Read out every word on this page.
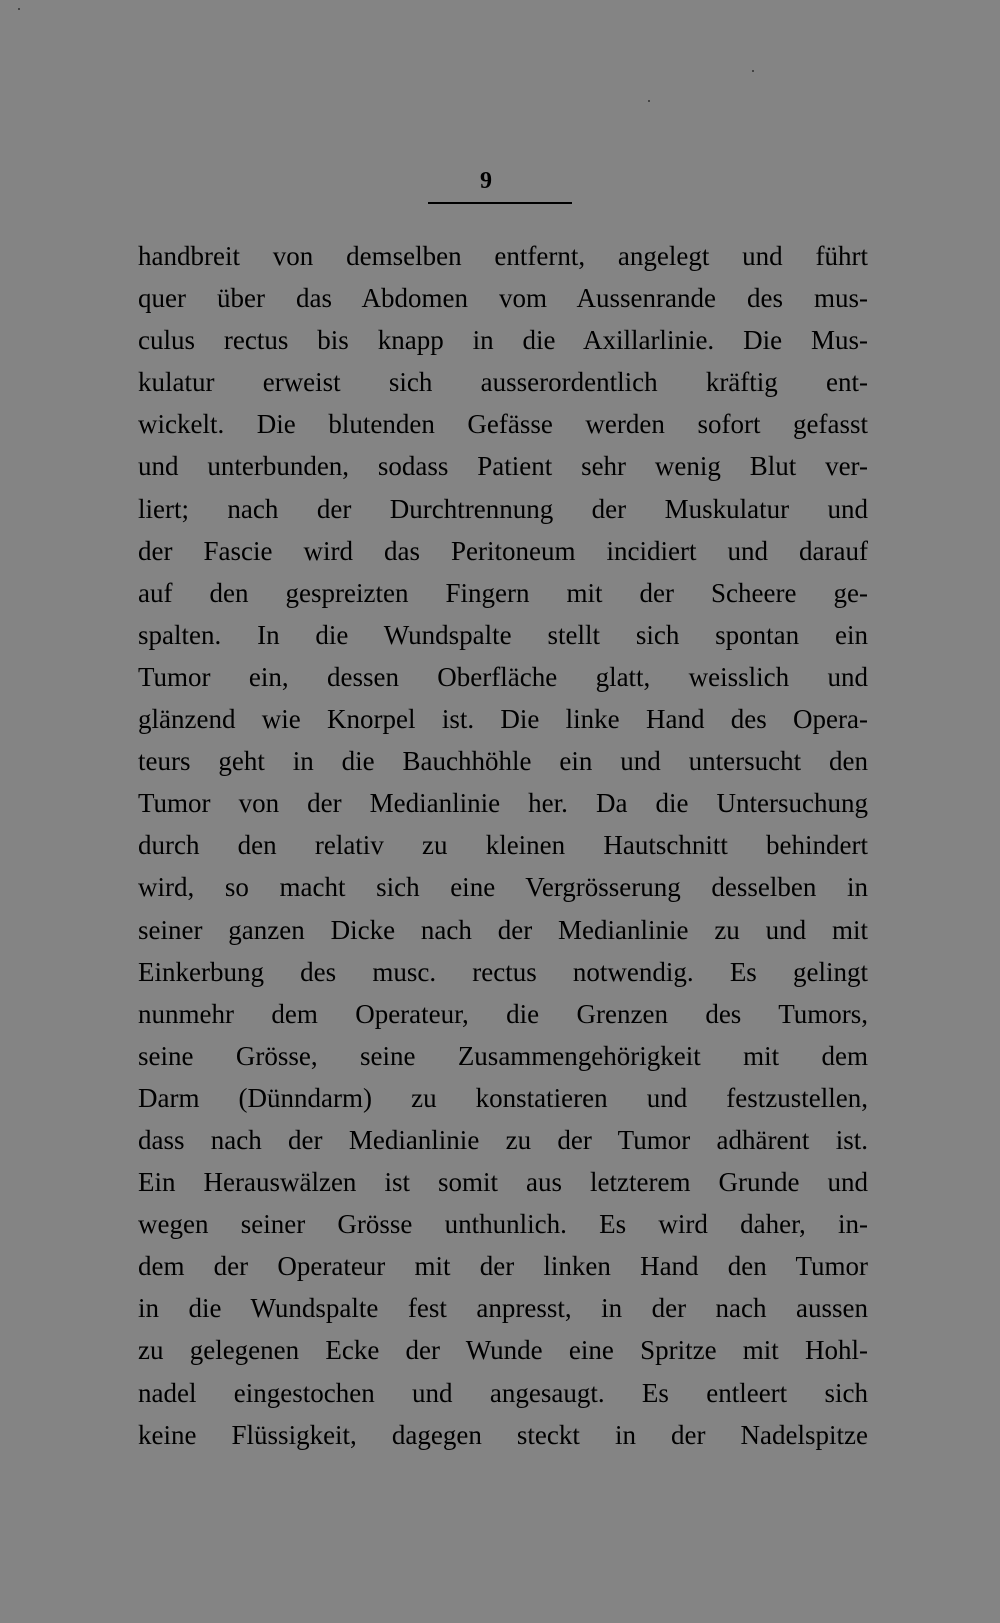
9
handbreit von demselben entfernt, angelegt und führt
quer über das Abdomen vom Aussenrande des mus-
culus rectus bis knapp in die Axillarlinie. Die Mus-
kulatur erweist sich ausserordentlich kräftig ent-
wickelt. Die blutenden Gefässe werden sofort gefasst
und unterbunden, sodass Patient sehr wenig Blut ver-
liert; nach der Durchtrennung der Muskulatur und
der Fascie wird das Peritoneum incidiert und darauf
auf den gespreizten Fingern mit der Scheere ge-
spalten. In die Wundspalte stellt sich spontan ein
Tumor ein, dessen Oberfläche glatt, weisslich und
glänzend wie Knorpel ist. Die linke Hand des Opera-
teurs geht in die Bauchhöhle ein und untersucht den
Tumor von der Medianlinie her. Da die Untersuchung
durch den relativ zu kleinen Hautschnitt behindert
wird, so macht sich eine Vergrösserung desselben in
seiner ganzen Dicke nach der Medianlinie zu und mit
Einkerbung des musc. rectus notwendig. Es gelingt
nunmehr dem Operateur, die Grenzen des Tumors,
seine Grösse, seine Zusammengehörigkeit mit dem
Darm (Dünndarm) zu konstatieren und festzustellen,
dass nach der Medianlinie zu der Tumor adhärent ist.
Ein Herauswälzen ist somit aus letzterem Grunde und
wegen seiner Grösse unthunlich. Es wird daher, in-
dem der Operateur mit der linken Hand den Tumor
in die Wundspalte fest anpresst, in der nach aussen
zu gelegenen Ecke der Wunde eine Spritze mit Hohl-
nadel eingestochen und angesaugt. Es entleert sich
keine Flüssigkeit, dagegen steckt in der Nadelspitze
